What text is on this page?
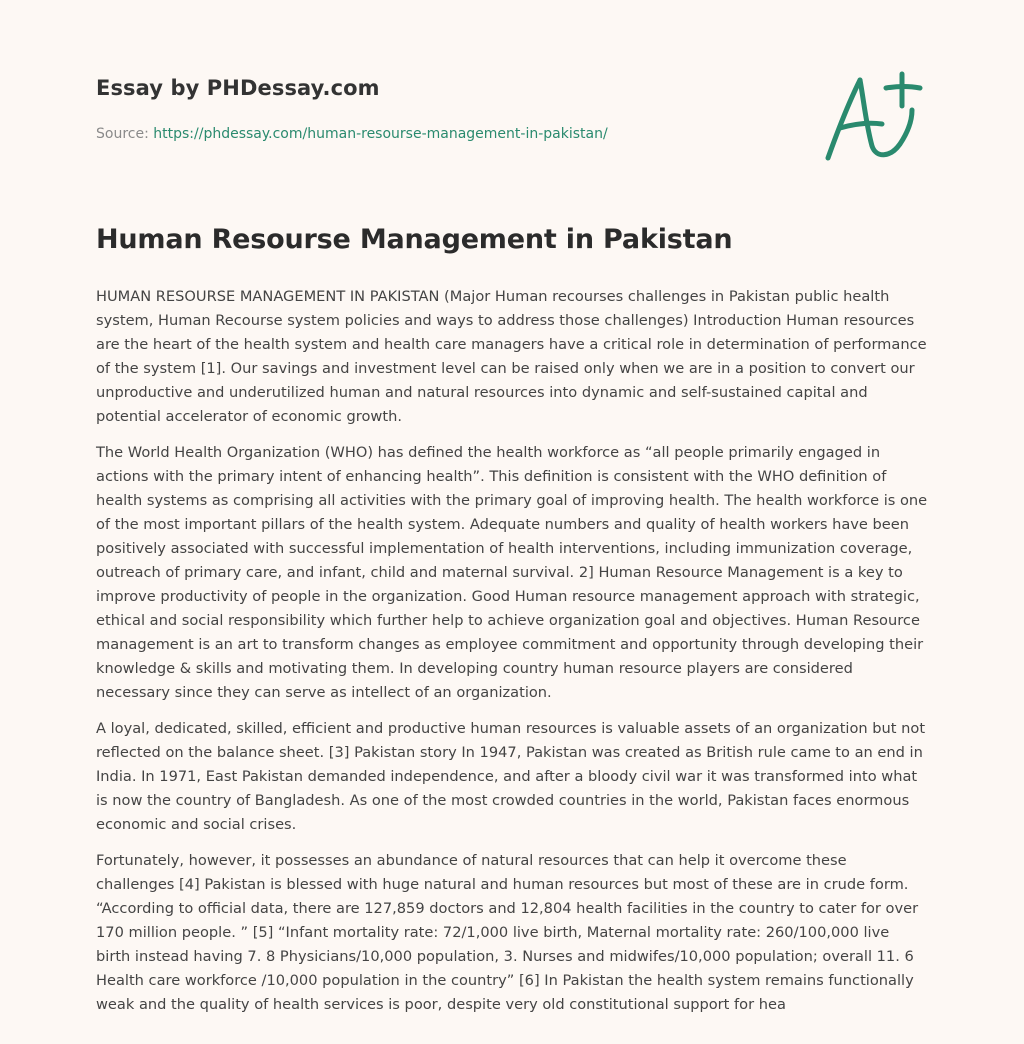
Essay by PHDessay.com
Source: https://phdessay.com/human-resourse-management-in-pakistan/
Human Resourse Management in Pakistan

HUMAN RESOURSE MANAGEMENT IN PAKISTAN (Major Human recourses challenges in Pakistan public health system, Human Recourse system policies and ways to address those challenges) Introduction Human resources are the heart of the health system and health care managers have a critical role in determination of performance of the system [1]. Our savings and investment level can be raised only when we are in a position to convert our unproductive and underutilized human and natural resources into dynamic and self-sustained capital and potential accelerator of economic growth.

The World Health Organization (WHO) has defined the health workforce as “all people primarily engaged in actions with the primary intent of enhancing health”. This definition is consistent with the WHO definition of health systems as comprising all activities with the primary goal of improving health. The health workforce is one of the most important pillars of the health system. Adequate numbers and quality of health workers have been positively associated with successful implementation of health interventions, including immunization coverage, outreach of primary care, and infant, child and maternal survival. 2] Human Resource Management is a key to improve productivity of people in the organization. Good Human resource management approach with strategic, ethical and social responsibility which further help to achieve organization goal and objectives. Human Resource management is an art to transform changes as employee commitment and opportunity through developing their knowledge & skills and motivating them. In developing country human resource players are considered necessary since they can serve as intellect of an organization.

A loyal, dedicated, skilled, efficient and productive human resources is valuable assets of an organization but not reflected on the balance sheet. [3] Pakistan story In 1947, Pakistan was created as British rule came to an end in India. In 1971, East Pakistan demanded independence, and after a bloody civil war it was transformed into what is now the country of Bangladesh. As one of the most crowded countries in the world, Pakistan faces enormous economic and social crises.

Fortunately, however, it possesses an abundance of natural resources that can help it overcome these challenges [4] Pakistan is blessed with huge natural and human resources but most of these are in crude form. “According to official data, there are 127,859 doctors and 12,804 health facilities in the country to cater for over 170 million people. ” [5] “Infant mortality rate: 72/1,000 live birth, Maternal mortality rate: 260/100,000 live birth instead having 7. 8 Physicians/10,000 population, 3. Nurses and midwifes/10,000 population; overall 11. 6 Health care workforce /10,000 population in the country” [6] In Pakistan the health system remains functionally weak and the quality of health services is poor, despite very old constitutional support for hea
